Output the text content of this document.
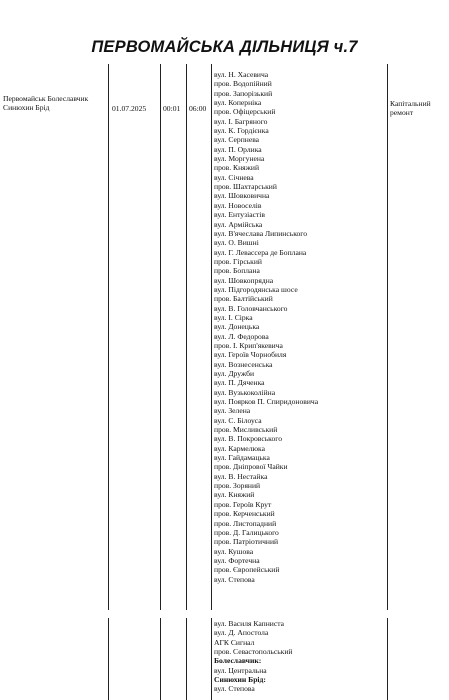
ПЕРВОМАЙСЬКА ДІЛЬНИЦЯ ч.7
Первомайськ Болеславчик Синюхин Брід	01.07.2025 00:01 06:00
Капітальний ремонт
вул. Н. Хасевича
пров. Водопійний
пров. Запорізький
вул. Коперніка
пров. Офіцерський
вул. І. Багряного
вул. К. Гордієнка
вул. Серпнева
вул. П. Орлика
вул. Моргунена
пров. Княжий
вул. Січнева
пров. Шахтарський
вул. Шовковична
вул. Новоселів
вул. Ентузіастів
вул. Армійська
вул. В'ячеслава Липинського
вул. О. Вишні
вул. Г. Левассера де Боплана
пров. Гірський
пров. Боплана
вул. Шовкопрядна
вул. Підгородянська шосе
пров. Балтійський
вул. В. Головчанського
вул. І. Сірка
вул. Донецька
вул. Л. Федорова
пров. І. Крип'якевича
вул. Героїв Чорнобиля
вул. Вознесенська
вул. Дружби
вул. П. Дяченка
вул. Вузькоколійна
вул. Поярков П. Спиридоновича
вул. Зелена
вул. С. Білоуса
пров. Мисливський
вул. В. Покровського
вул. Кармелюка
вул. Гайдамацька
пров. Дніпрової Чайки
вул. В. Нестайка
пров. Зоряний
вул. Княжий
пров. Героїв Крут
пров. Керченський
пров. Листопадний
пров. Д. Галицького
пров. Патріотичний
вул. Кушова
вул. Фортечна
пров. Європейський
вул. Степова
вул. Василя Капниста
вул. Д. Апостола
АГК Сигнал
пров. Севастопольський
Болеславчик:
вул. Центральна
Синюхин Брід:
вул. Степова
